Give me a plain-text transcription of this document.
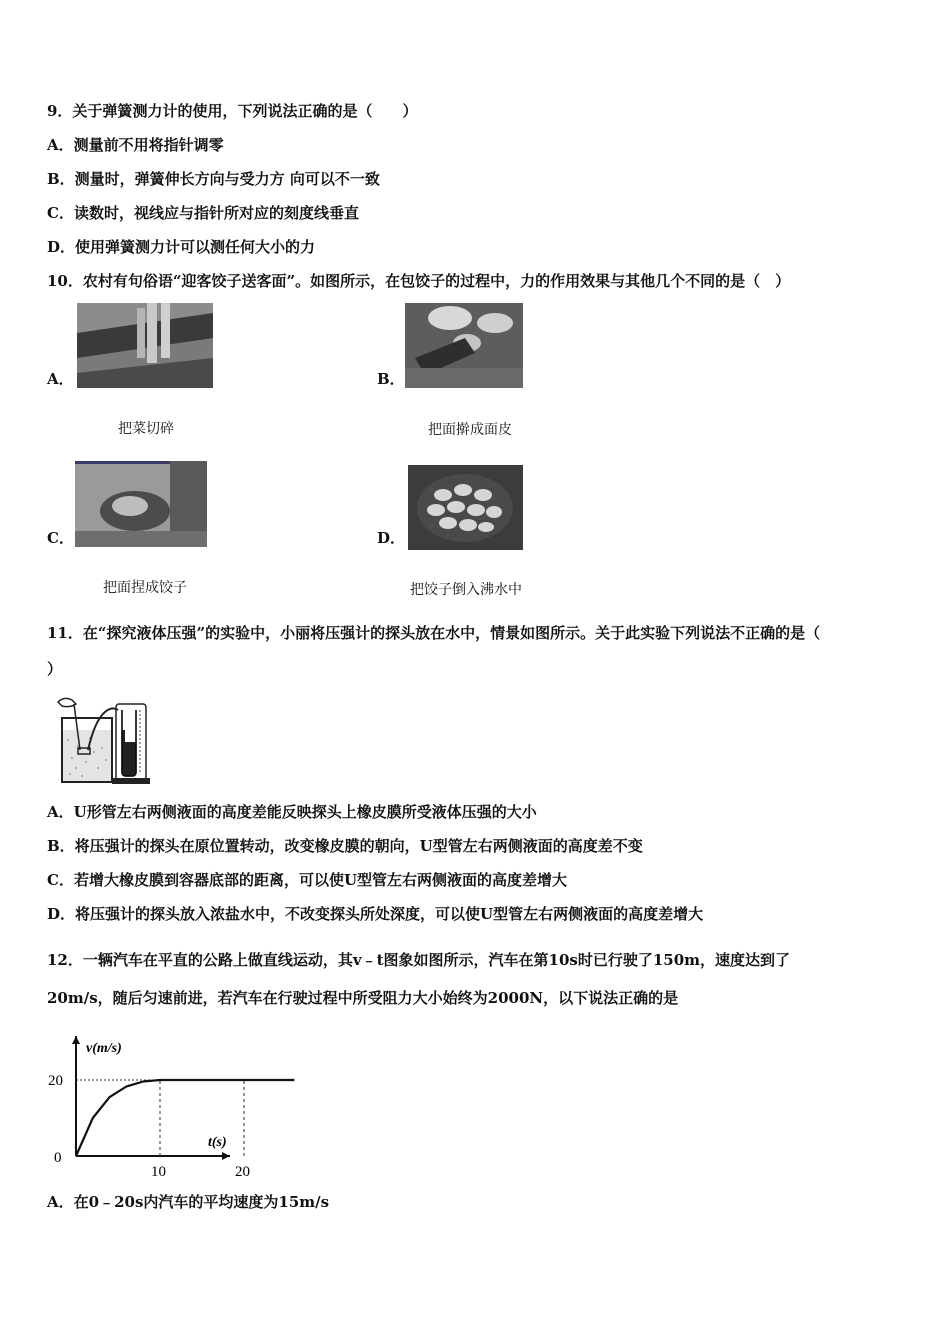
9．关于弹簧测力计的使用，下列说法正确的是（　　）
A．测量前不用将指针调零
B．测量时，弹簧伸长方向与受力方 向可以不一致
C．读数时，视线应与指针所对应的刻度线垂直
D．使用弹簧测力计可以测任何大小的力
10．农村有句俗语“迎客饺子送客面”。如图所示，在包饺子的过程中，力的作用效果与其他几个不同的是（　）
A．
把菜切碎
B．
把面擀成面皮
C．
把面捏成饺子
D．
把饺子倒入沸水中
11．在“探究液体压强”的实验中，小丽将压强计的探头放在水中，情景如图所示。关于此实验下列说法不正确的是（
）
A．U形管左右两侧液面的高度差能反映探头上橡皮膜所受液体压强的大小
B．将压强计的探头在原位置转动，改变橡皮膜的朝向，U型管左右两侧液面的高度差不变
C．若增大橡皮膜到容器底部的距离，可以使U型管左右两侧液面的高度差增大
D．将压强计的探头放入浓盐水中，不改变探头所处深度，可以使U型管左右两侧液面的高度差增大
12．一辆汽车在平直的公路上做直线运动，其v﹣t图象如图所示，汽车在第10s时已行驶了150m，速度达到了
20m/s，随后匀速前进，若汽车在行驶过程中所受阻力大小始终为2000N，以下说法正确的是
v(m/s)
t(s)
0
20
10	20
A．在0﹣20s内汽车的平均速度为15m/s
